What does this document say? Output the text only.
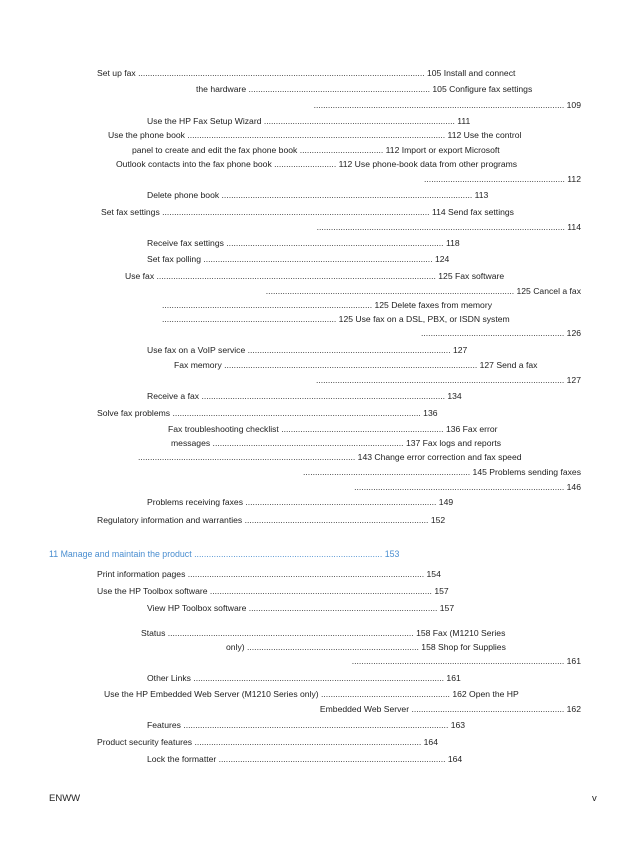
Set up fax ........................................................................................................................ 105 Install and connect
the hardware ............................................................................ 105 Configure fax settings
......................................................................................................... 109
Use the HP Fax Setup Wizard ................................................................................ 111
Use the phone book ............................................................................................................ 112 Use the control
panel to create and edit the fax phone book ................................... 112 Import or export Microsoft
Outlook contacts into the fax phone book .......................... 112 Use phone-book data from other programs
........................................................... 112
Delete phone book ......................................................................................................... 113
Set fax settings ................................................................................................................ 114 Send fax settings
........................................................................................................ 114
Receive fax settings ........................................................................................... 118
Set fax polling ................................................................................................ 124
Use fax ..................................................................................................................... 125 Fax software
........................................................................................................ 125 Cancel a fax
........................................................................................ 125 Delete faxes from memory
......................................................................... 125 Use fax on a DSL, PBX, or ISDN system
............................................................ 126
Use fax on a VoIP service ..................................................................................... 127
Fax memory .......................................................................................................... 127 Send a fax
........................................................................................................ 127
Receive a fax ...................................................................................................... 134
Solve fax problems ........................................................................................................ 136
Fax troubleshooting checklist .................................................................... 136 Fax error
messages ................................................................................ 137 Fax logs and reports
........................................................................................... 143 Change error correction and fax speed
...................................................................... 145 Problems sending faxes
........................................................................................ 146
Problems receiving faxes ................................................................................ 149
Regulatory information and warranties ............................................................................. 152
11 Manage and maintain the product ............................................................................. 153
Print information pages ................................................................................................... 154
Use the HP Toolbox software ............................................................................................. 157
View HP Toolbox software ............................................................................... 157
Status ....................................................................................................... 158 Fax (M1210 Series
only) ........................................................................ 158 Shop for Supplies
......................................................................................... 161
Other Links ......................................................................................................... 161
Use the HP Embedded Web Server (M1210 Series only) ...................................................... 162 Open the HP
Embedded Web Server ................................................................ 162
Features ............................................................................................................... 163
Product security features ............................................................................................... 164
Lock the formatter ............................................................................................... 164
ENWW	v
